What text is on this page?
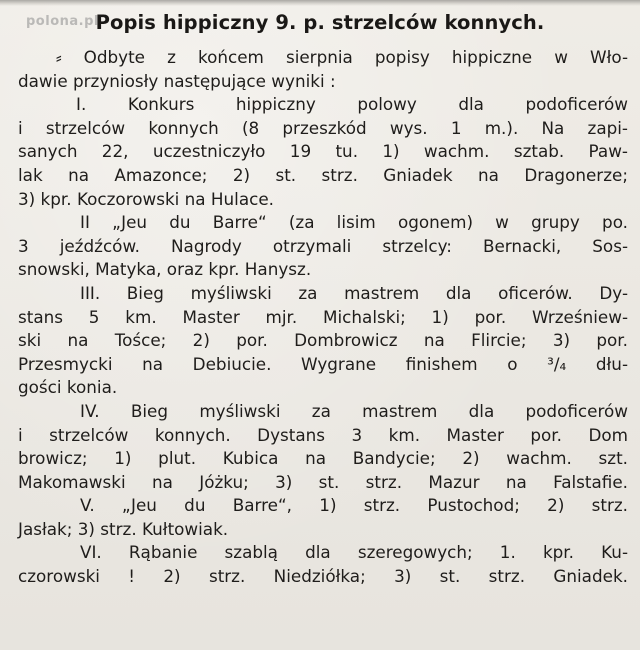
polona.pl
Popis hippiczny 9. p. strzelców konnych.
⸗ Odbyte z końcem sierpnia popisy hippiczne w Wło-
dawie przyniosły następujące wyniki :
I. Konkurs hippiczny polowy dla podoficerów
i strzelców konnych (8 przeszkód wys. 1 m.). Na zapi-
sanych 22, uczestniczyło 19 tu. 1) wachm. sztab. Paw-
lak na Amazonce; 2) st. strz. Gniadek na Dragonerze;
3) kpr. Koczorowski na Hulace.
II „Jeu du Barre“ (za lisim ogonem) w grupy po.
3 jeźdźców. Nagrody otrzymali strzelcy: Bernacki, Sos-
snowski, Matyka, oraz kpr. Hanysz.
III. Bieg myśliwski za mastrem dla oficerów. Dy-
stans 5 km. Master mjr. Michalski; 1) por. Wrześniew-
ski na Tośce; 2) por. Dombrowicz na Flircie; 3) por.
Przesmycki na Debiucie. Wygrane finishem o ³/₄ dłu-
gości konia.
IV. Bieg myśliwski za mastrem dla podoficerów
i strzelców konnych. Dystans 3 km. Master por. Dom
browicz; 1) plut. Kubica na Bandycie; 2) wachm. szt.
Makomawski na Jóżku; 3) st. strz. Mazur na Falstafie.
V. „Jeu du Barre“, 1) strz. Pustochod; 2) strz.
Jasłak; 3) strz. Kułtowiak.
VI. Rąbanie szablą dla szeregowych; 1. kpr. Ku-
czorowski ! 2) strz. Niedziółka; 3) st. strz. Gniadek.
